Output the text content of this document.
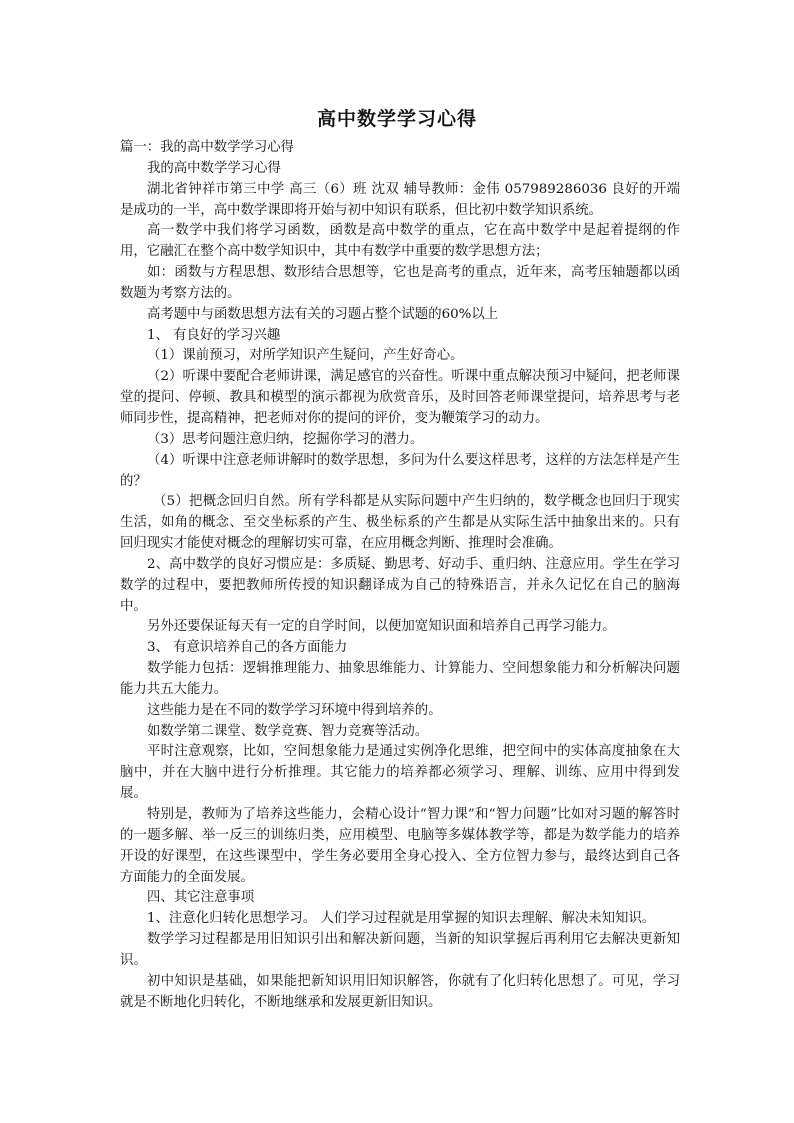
高中数学学习心得

篇一：我的高中数学学习心得

我的高中数学学习心得

湖北省钟祥市第三中学 高三（6）班 沈双 辅导教师：金伟 057989286036 良好的开端是成功的一半，高中数学课即将开始与初中知识有联系，但比初中数学知识系统。

高一数学中我们将学习函数，函数是高中数学的重点，它在高中数学中是起着提纲的作用，它融汇在整个高中数学知识中，其中有数学中重要的数学思想方法；

如：函数与方程思想、数形结合思想等，它也是高考的重点，近年来，高考压轴题都以函数题为考察方法的。

高考题中与函数思想方法有关的习题占整个试题的60%以上

1、 有良好的学习兴趣

（1）课前预习，对所学知识产生疑问，产生好奇心。

（2）听课中要配合老师讲课，满足感官的兴奋性。听课中重点解决预习中疑问，把老师课堂的提问、停顿、教具和模型的演示都视为欣赏音乐，及时回答老师课堂提问，培养思考与老师同步性，提高精神，把老师对你的提问的评价，变为鞭策学习的动力。

（3）思考问题注意归纳，挖掘你学习的潜力。

（4）听课中注意老师讲解时的数学思想，多问为什么要这样思考，这样的方法怎样是产生的？

（5）把概念回归自然。所有学科都是从实际问题中产生归纳的，数学概念也回归于现实生活，如角的概念、至交坐标系的产生、极坐标系的产生都是从实际生活中抽象出来的。只有回归现实才能使对概念的理解切实可靠，在应用概念判断、推理时会准确。

2、高中数学的良好习惯应是：多质疑、勤思考、好动手、重归纳、注意应用。学生在学习数学的过程中，要把教师所传授的知识翻译成为自己的特殊语言，并永久记忆在自己的脑海中。

另外还要保证每天有一定的自学时间，以便加宽知识面和培养自己再学习能力。

3、 有意识培养自己的各方面能力

数学能力包括：逻辑推理能力、抽象思维能力、计算能力、空间想象能力和分析解决问题能力共五大能力。

这些能力是在不同的数学学习环境中得到培养的。

如数学第二课堂、数学竞赛、智力竞赛等活动。

平时注意观察，比如，空间想象能力是通过实例净化思维，把空间中的实体高度抽象在大脑中，并在大脑中进行分析推理。其它能力的培养都必须学习、理解、训练、应用中得到发展。

特别是，教师为了培养这些能力，会精心设计“智力课”和“智力问题”比如对习题的解答时的一题多解、举一反三的训练归类，应用模型、电脑等多媒体教学等，都是为数学能力的培养开设的好课型，在这些课型中，学生务必要用全身心投入、全方位智力参与，最终达到自己各方面能力的全面发展。

四、其它注意事项

1、注意化归转化思想学习。 人们学习过程就是用掌握的知识去理解、解决未知知识。

数学学习过程都是用旧知识引出和解决新问题，当新的知识掌握后再利用它去解决更新知识。

初中知识是基础，如果能把新知识用旧知识解答，你就有了化归转化思想了。可见，学习就是不断地化归转化，不断地继承和发展更新旧知识。
